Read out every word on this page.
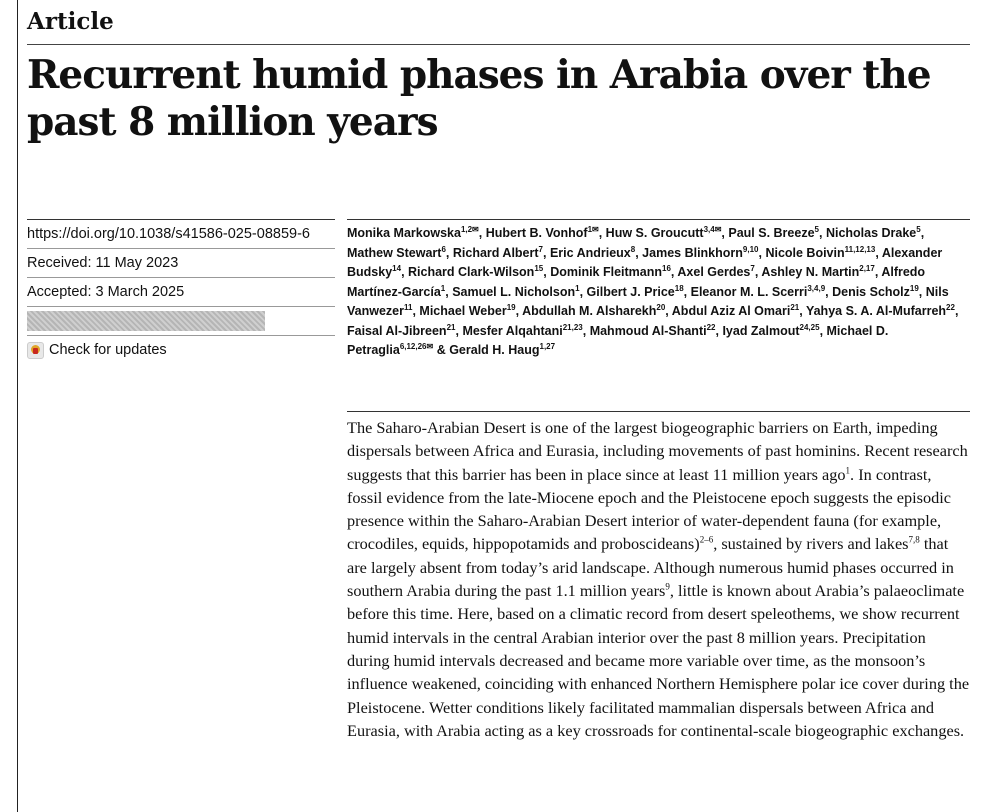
Article
Recurrent humid phases in Arabia over the past 8 million years
https://doi.org/10.1038/s41586-025-08859-6
Received: 11 May 2023
Accepted: 3 March 2025
Check for updates

Monika Markowska$^{1,2✉}$, Hubert B. Vonhof$^{1✉}$, Huw S. Groucutt$^{3,4✉}$, Paul S. Breeze$^5$, Nicholas Drake$^5$, Mathew Stewart$^6$, Richard Albert$^7$, Eric Andrieux$^8$, James Blinkhorn$^{9,10}$, Nicole Boivin$^{11,12,13}$, Alexander Budsky$^{14}$, Richard Clark-Wilson$^{15}$, Dominik Fleitmann$^{16}$, Axel Gerdes$^7$, Ashley N. Martin$^{2,17}$, Alfredo Martínez-García$^1$, Samuel L. Nicholson$^1$, Gilbert J. Price$^{18}$, Eleanor M. L. Scerri$^{3,4,9}$, Denis Scholz$^{19}$, Nils Vanwezer$^{11}$, Michael Weber$^{19}$, Abdullah M. Alsharekh$^{20}$, Abdul Aziz Al Omari$^{21}$, Yahya S. A. Al-Mufarreh$^{22}$, Faisal Al-Jibreen$^{21}$, Mesfer Alqahtani$^{21,23}$, Mahmoud Al-Shanti$^{22}$, Iyad Zalmout$^{24,25}$, Michael D. Petraglia$^{6,12,26✉}$ & Gerald H. Haug$^{1,27}$

The Saharo-Arabian Desert is one of the largest biogeographic barriers on Earth, impeding dispersals between Africa and Eurasia, including movements of past hominins. Recent research suggests that this barrier has been in place since at least 11 million years ago$^1$. In contrast, fossil evidence from the late-Miocene epoch and the Pleistocene epoch suggests the episodic presence within the Saharo-Arabian Desert interior of water-dependent fauna (for example, crocodiles, equids, hippopotamids and proboscideans)$^{2-6}$, sustained by rivers and lakes$^{7,8}$ that are largely absent from today’s arid landscape. Although numerous humid phases occurred in southern Arabia during the past 1.1 million years$^9$, little is known about Arabia’s palaeoclimate before this time. Here, based on a climatic record from desert speleothems, we show recurrent humid intervals in the central Arabian interior over the past 8 million years. Precipitation during humid intervals decreased and became more variable over time, as the monsoon’s influence weakened, coinciding with enhanced Northern Hemisphere polar ice cover during the Pleistocene. Wetter conditions likely facilitated mammalian dispersals between Africa and Eurasia, with Arabia acting as a key crossroads for continental-scale biogeographic exchanges.
